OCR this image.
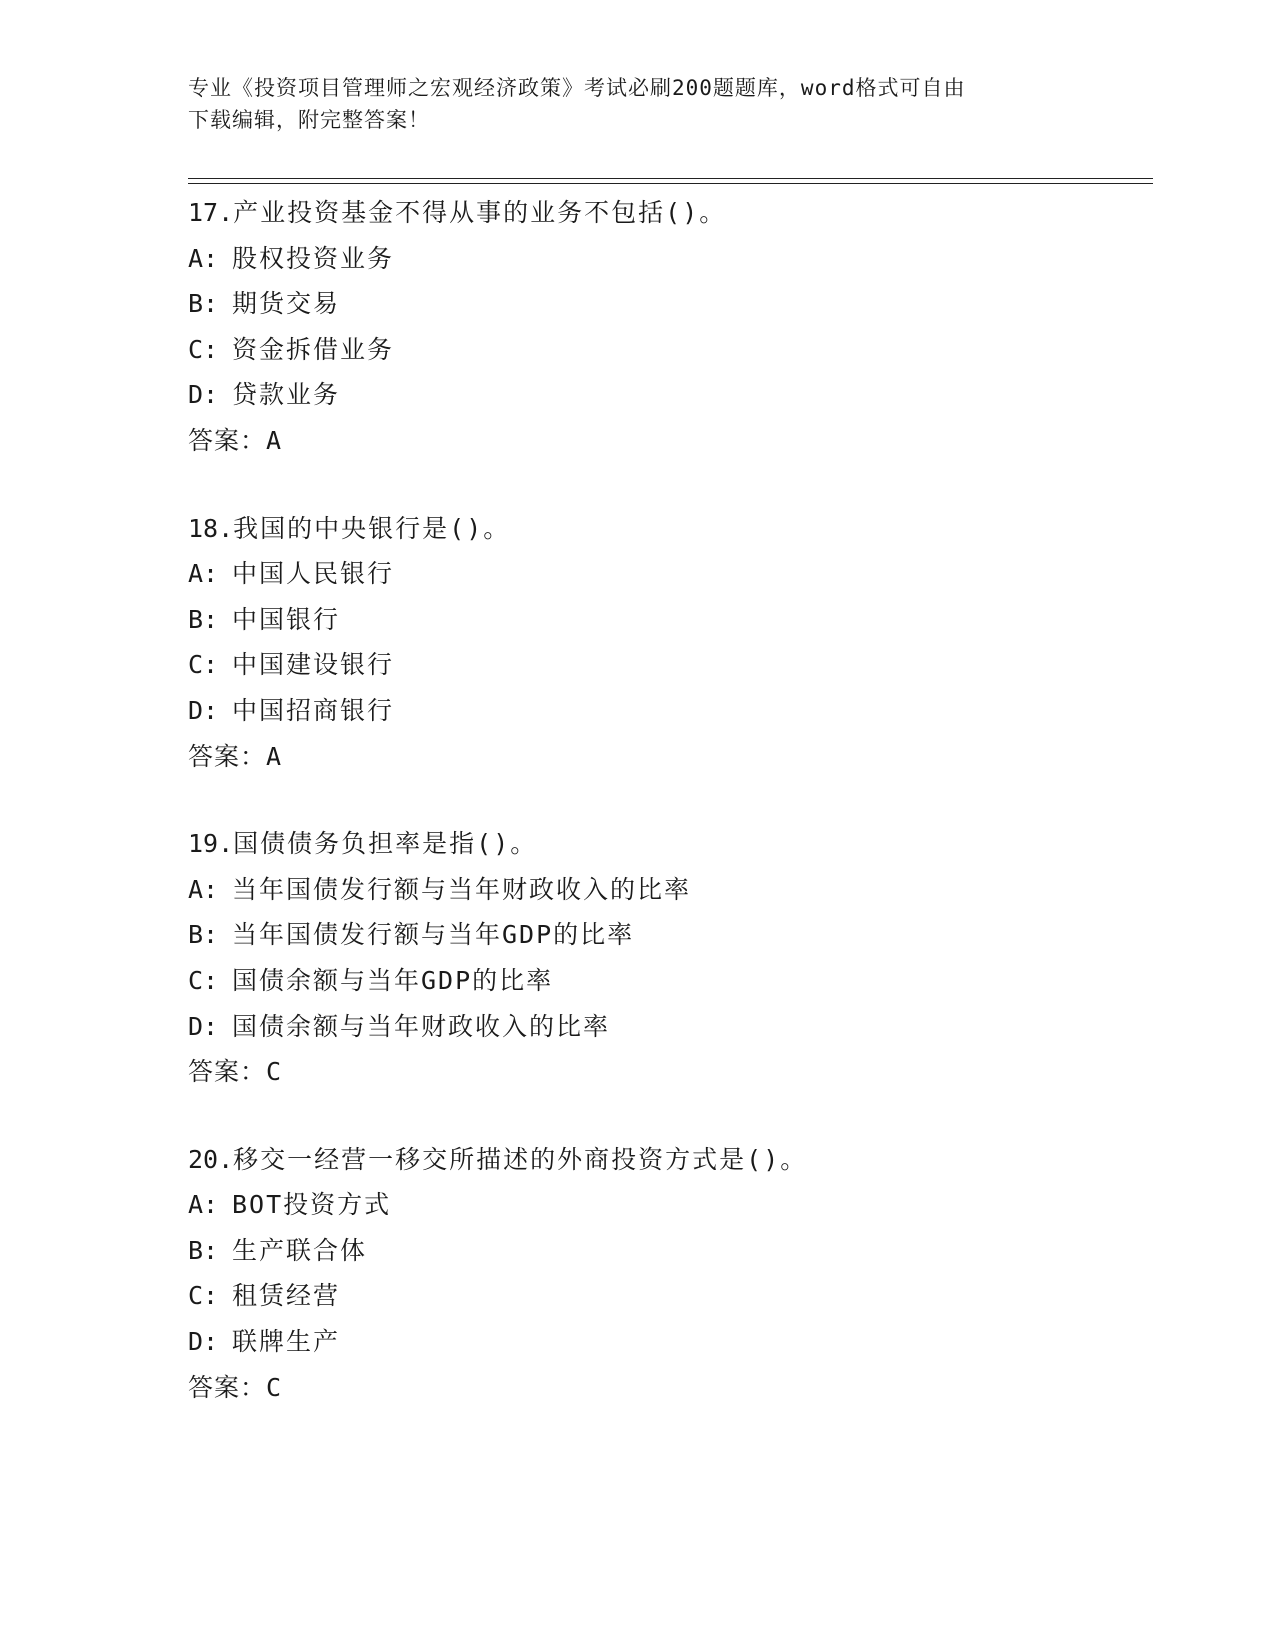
专业《投资项目管理师之宏观经济政策》考试必刷200题题库，word格式可自由
下载编辑，附完整答案！
17.产业投资基金不得从事的业务不包括()。
A: 股权投资业务
B: 期货交易
C: 资金拆借业务
D: 贷款业务
答案：A
18.我国的中央银行是()。
A: 中国人民银行
B: 中国银行
C: 中国建设银行
D: 中国招商银行
答案：A
19.国债债务负担率是指()。
A: 当年国债发行额与当年财政收入的比率
B: 当年国债发行额与当年GDP的比率
C: 国债余额与当年GDP的比率
D: 国债余额与当年财政收入的比率
答案：C
20.移交一经营一移交所描述的外商投资方式是()。
A: BOT投资方式
B: 生产联合体
C: 租赁经营
D: 联牌生产
答案：C
